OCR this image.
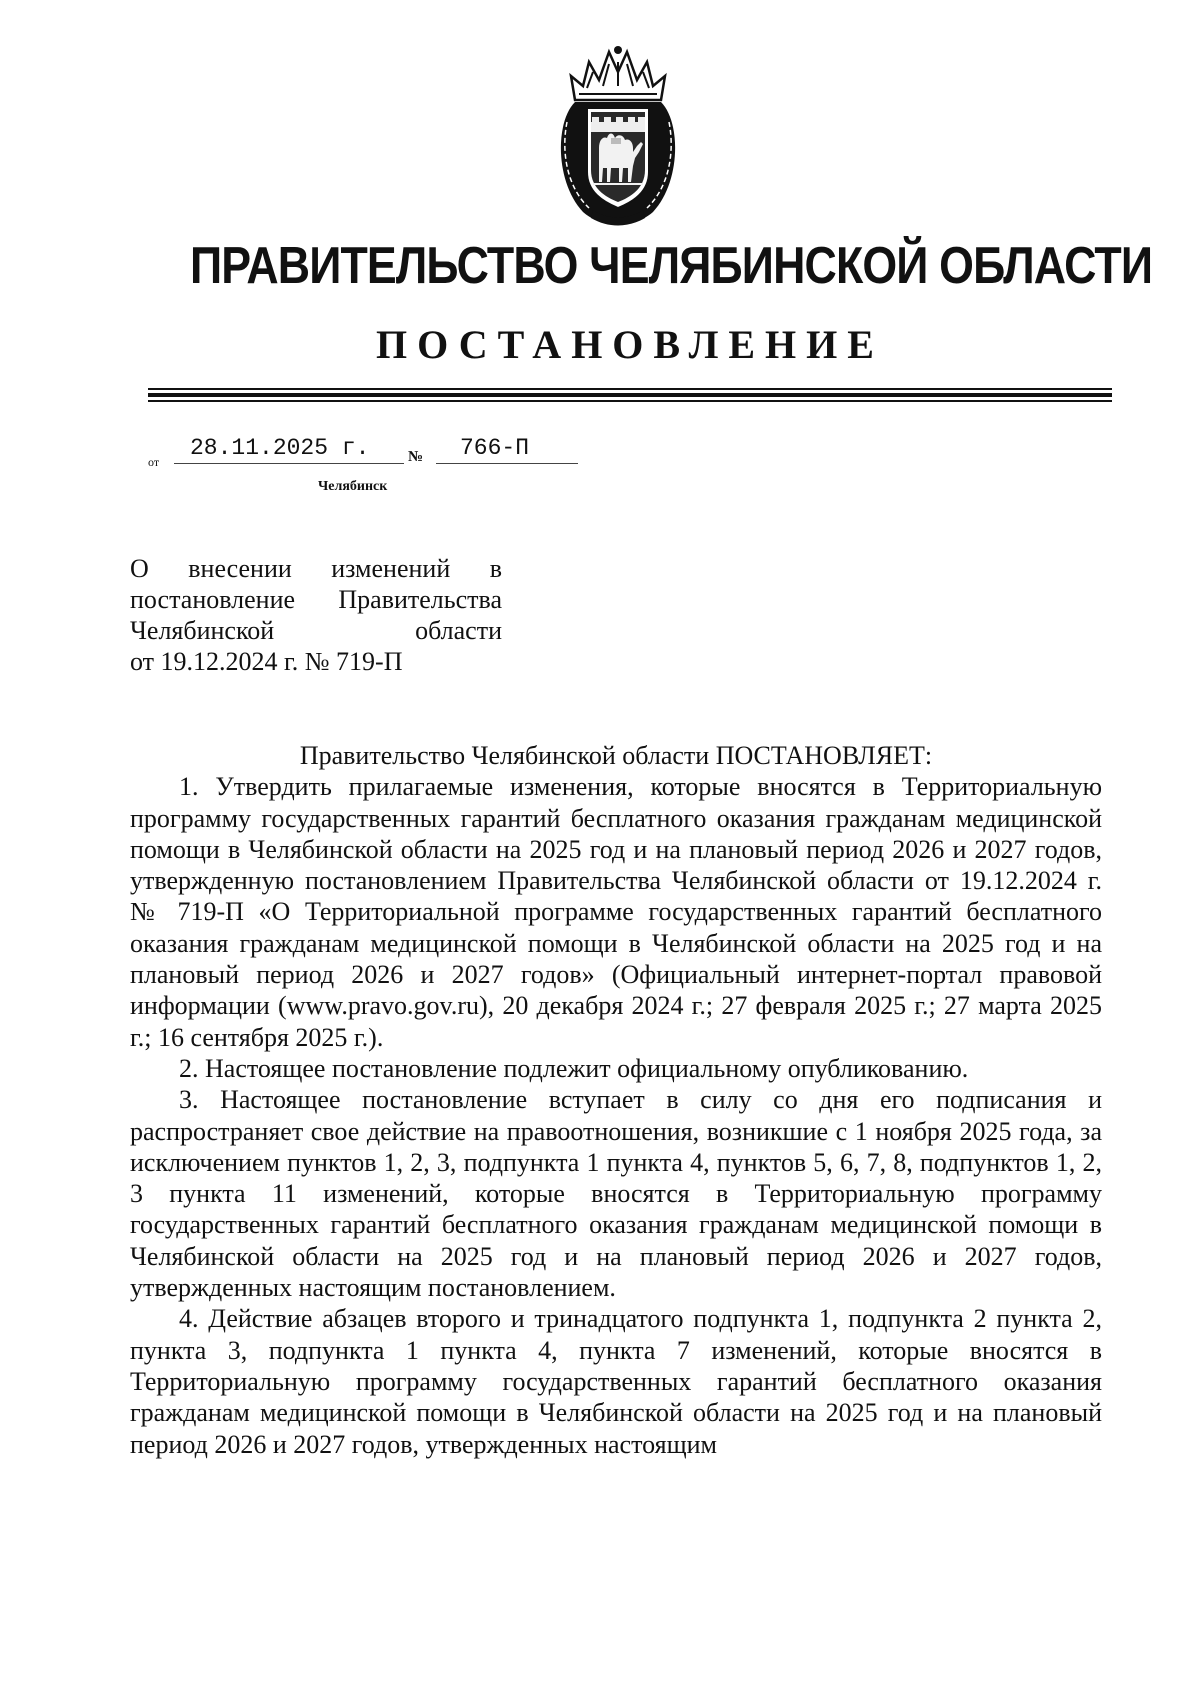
ПРАВИТЕЛЬСТВО ЧЕЛЯБИНСКОЙ ОБЛАСТИ
ПОСТАНОВЛЕНИЕ
от
28.11.2025 г.	№ 766-П
Челябинск
О внесении изменений в
постановление Правительства
Челябинской области
от 19.12.2024 г. № 719-П

Правительство Челябинской области ПОСТАНОВЛЯЕТ:

1. Утвердить прилагаемые изменения, которые вносятся в Территориальную программу государственных гарантий бесплатного оказания гражданам медицинской помощи в Челябинской области на 2025 год и на плановый период 2026 и 2027 годов, утвержденную постановлением Правительства Челябинской области от 19.12.2024 г. № 719-П «О Территориальной программе государственных гарантий бесплатного оказания гражданам медицинской помощи в Челябинской области на 2025 год и на плановый период 2026 и 2027 годов» (Официальный интернет-портал правовой информации (www.pravo.gov.ru), 20 декабря 2024 г.; 27 февраля 2025 г.; 27 марта 2025 г.; 16 сентября 2025 г.).

2. Настоящее постановление подлежит официальному опубликованию.

3. Настоящее постановление вступает в силу со дня его подписания и распространяет свое действие на правоотношения, возникшие с 1 ноября 2025 года, за исключением пунктов 1, 2, 3, подпункта 1 пункта 4, пунктов 5, 6, 7, 8, подпунктов 1, 2, 3 пункта 11 изменений, которые вносятся в Территориальную программу государственных гарантий бесплатного оказания гражданам медицинской помощи в Челябинской области на 2025 год и на плановый период 2026 и 2027 годов, утвержденных настоящим постановлением.

4. Действие абзацев второго и тринадцатого подпункта 1, подпункта 2 пункта 2, пункта 3, подпункта 1 пункта 4, пункта 7 изменений, которые вносятся в Территориальную программу государственных гарантий бесплатного оказания гражданам медицинской помощи в Челябинской области на 2025 год и на плановый период 2026 и 2027 годов, утвержденных настоящим
